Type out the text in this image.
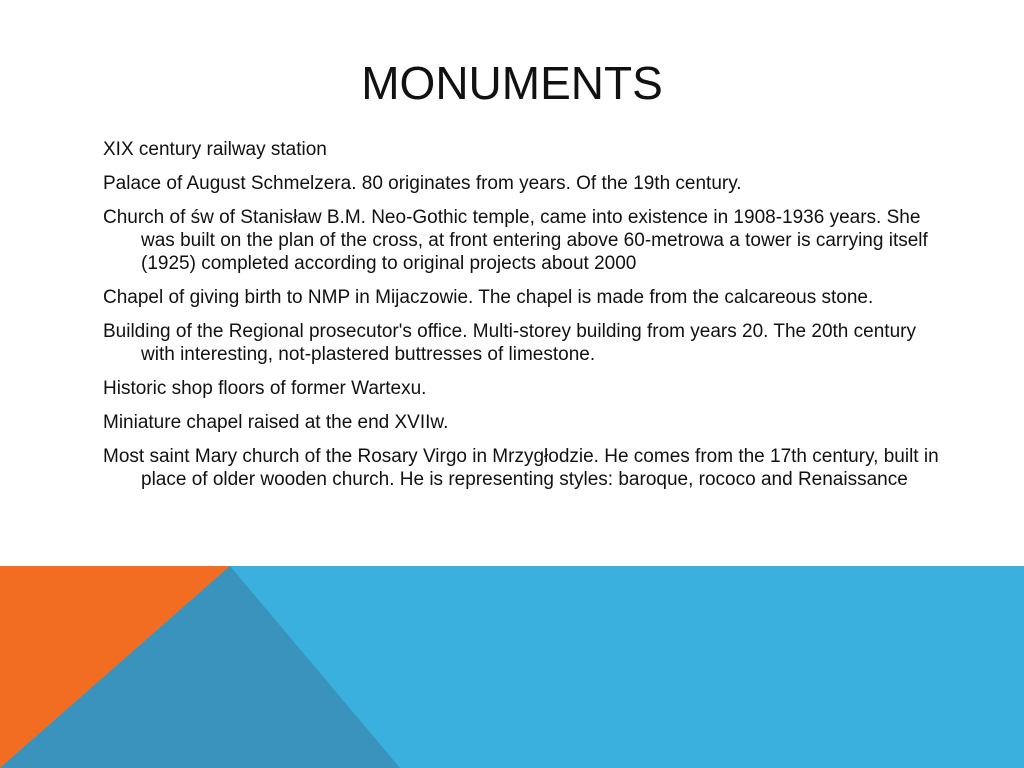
MONUMENTS
XIX century railway station
Palace of August Schmelzera. 80 originates from years. Of the 19th century.
Church of św of Stanisław B.M. Neo-Gothic temple, came into existence in 1908-1936 years. She was built on the plan of the cross, at front entering above 60-metrowa a tower is carrying itself (1925) completed according to original projects about 2000
Chapel of giving birth to NMP in Mijaczowie. The chapel is made from the calcareous stone.
Building of the Regional prosecutor's office. Multi-storey building from years 20. The 20th century with interesting, not-plastered buttresses of limestone.
Historic shop floors of former Wartexu.
Miniature chapel raised at the end XVIIw.
Most saint Mary church of the Rosary Virgo in Mrzygłodzie. He comes from the 17th century, built in place of older wooden church. He is representing styles: baroque, rococo and Renaissance
